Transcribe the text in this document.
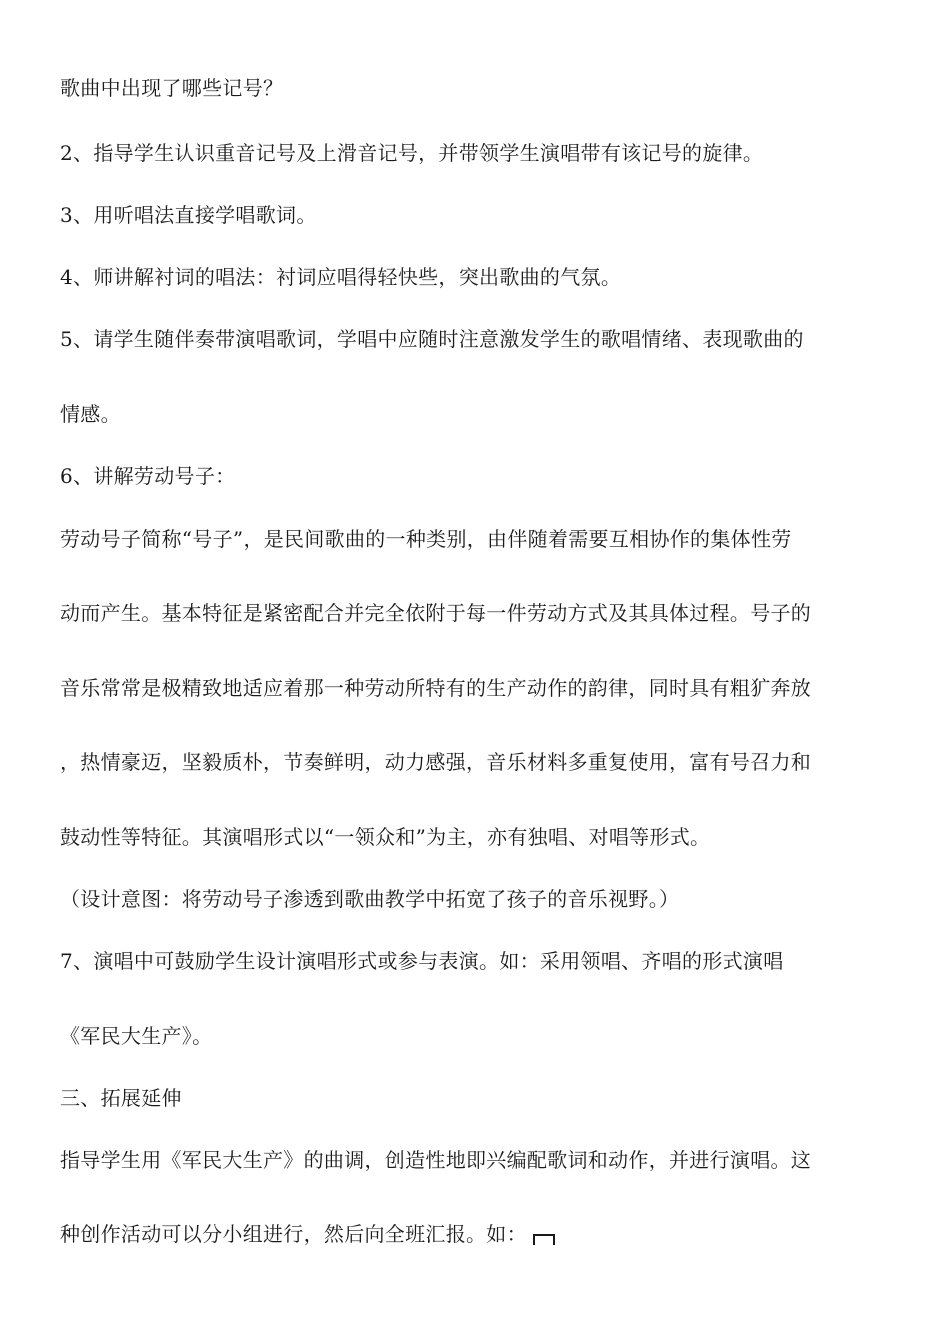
歌曲中出现了哪些记号？
2、指导学生认识重音记号及上滑音记号，并带领学生演唱带有该记号的旋律。
3、用听唱法直接学唱歌词。
4、师讲解衬词的唱法：衬词应唱得轻快些，突出歌曲的气氛。
5、请学生随伴奏带演唱歌词，学唱中应随时注意激发学生的歌唱情绪、表现歌曲的
情感。
6、讲解劳动号子：
劳动号子简称“号子”，是民间歌曲的一种类别，由伴随着需要互相协作的集体性劳
动而产生。基本特征是紧密配合并完全依附于每一件劳动方式及其具体过程。号子的
音乐常常是极精致地适应着那一种劳动所特有的生产动作的韵律，同时具有粗犷奔放
，热情豪迈，坚毅质朴，节奏鲜明，动力感强，音乐材料多重复使用，富有号召力和
鼓动性等特征。其演唱形式以“一领众和”为主，亦有独唱、对唱等形式。
（设计意图：将劳动号子渗透到歌曲教学中拓宽了孩子的音乐视野。）
7、演唱中可鼓励学生设计演唱形式或参与表演。如：采用领唱、齐唱的形式演唱
《军民大生产》。
三、拓展延伸
指导学生用《军民大生产》的曲调，创造性地即兴编配歌词和动作，并进行演唱。这
种创作活动可以分小组进行，然后向全班汇报。如：
